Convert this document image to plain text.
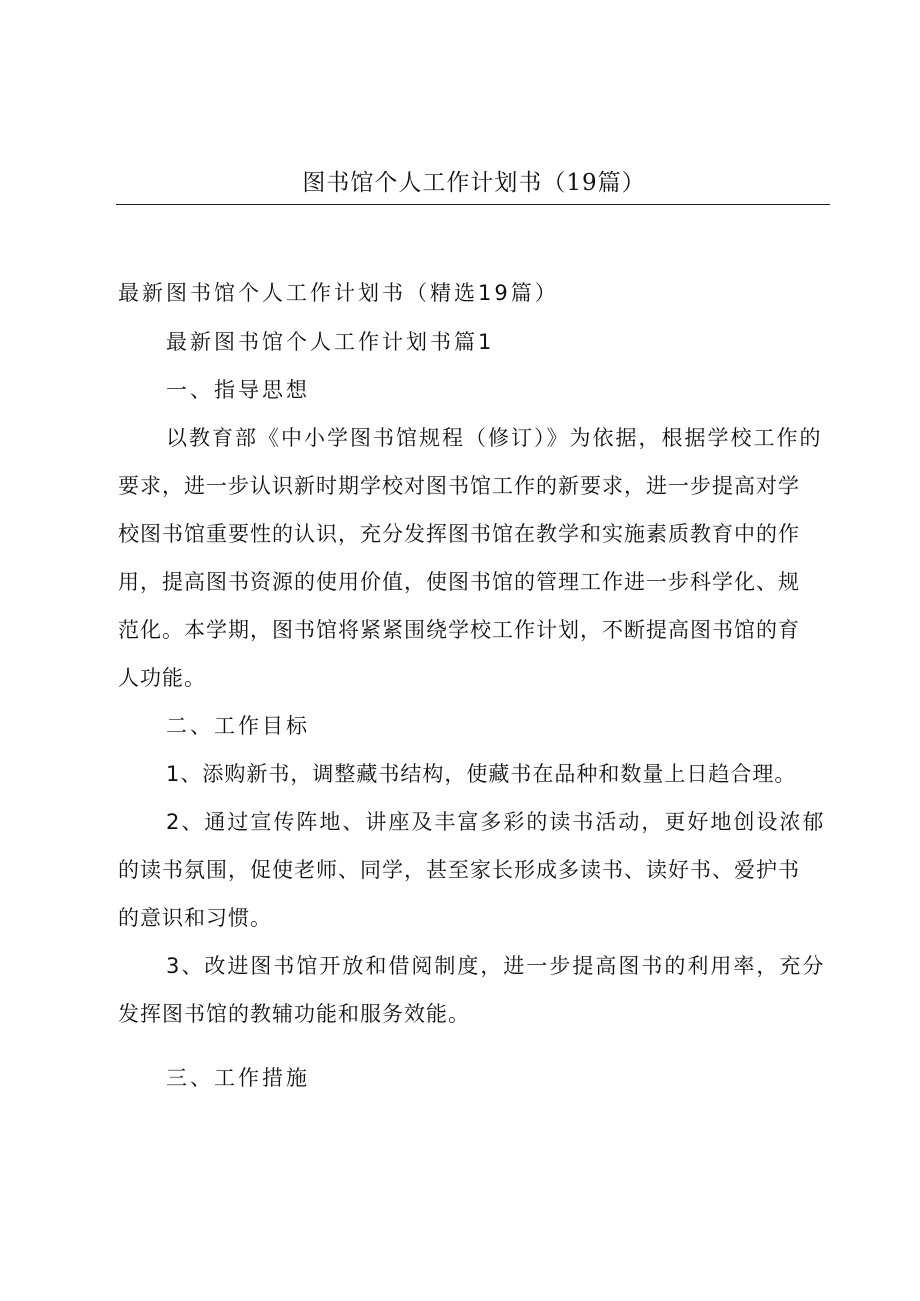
图书馆个人工作计划书（19篇）
最新图书馆个人工作计划书（精选19篇）
最新图书馆个人工作计划书篇1
一、指导思想
以教育部《中小学图书馆规程（修订）》为依据，根据学校工作的
要求，进一步认识新时期学校对图书馆工作的新要求，进一步提高对学
校图书馆重要性的认识，充分发挥图书馆在教学和实施素质教育中的作
用，提高图书资源的使用价值，使图书馆的管理工作进一步科学化、规
范化。本学期，图书馆将紧紧围绕学校工作计划，不断提高图书馆的育
人功能。
二、工作目标
1、添购新书，调整藏书结构，使藏书在品种和数量上日趋合理。
2、通过宣传阵地、讲座及丰富多彩的读书活动，更好地创设浓郁
的读书氛围，促使老师、同学，甚至家长形成多读书、读好书、爱护书
的意识和习惯。
3、改进图书馆开放和借阅制度，进一步提高图书的利用率，充分
发挥图书馆的教辅功能和服务效能。
三、工作措施
